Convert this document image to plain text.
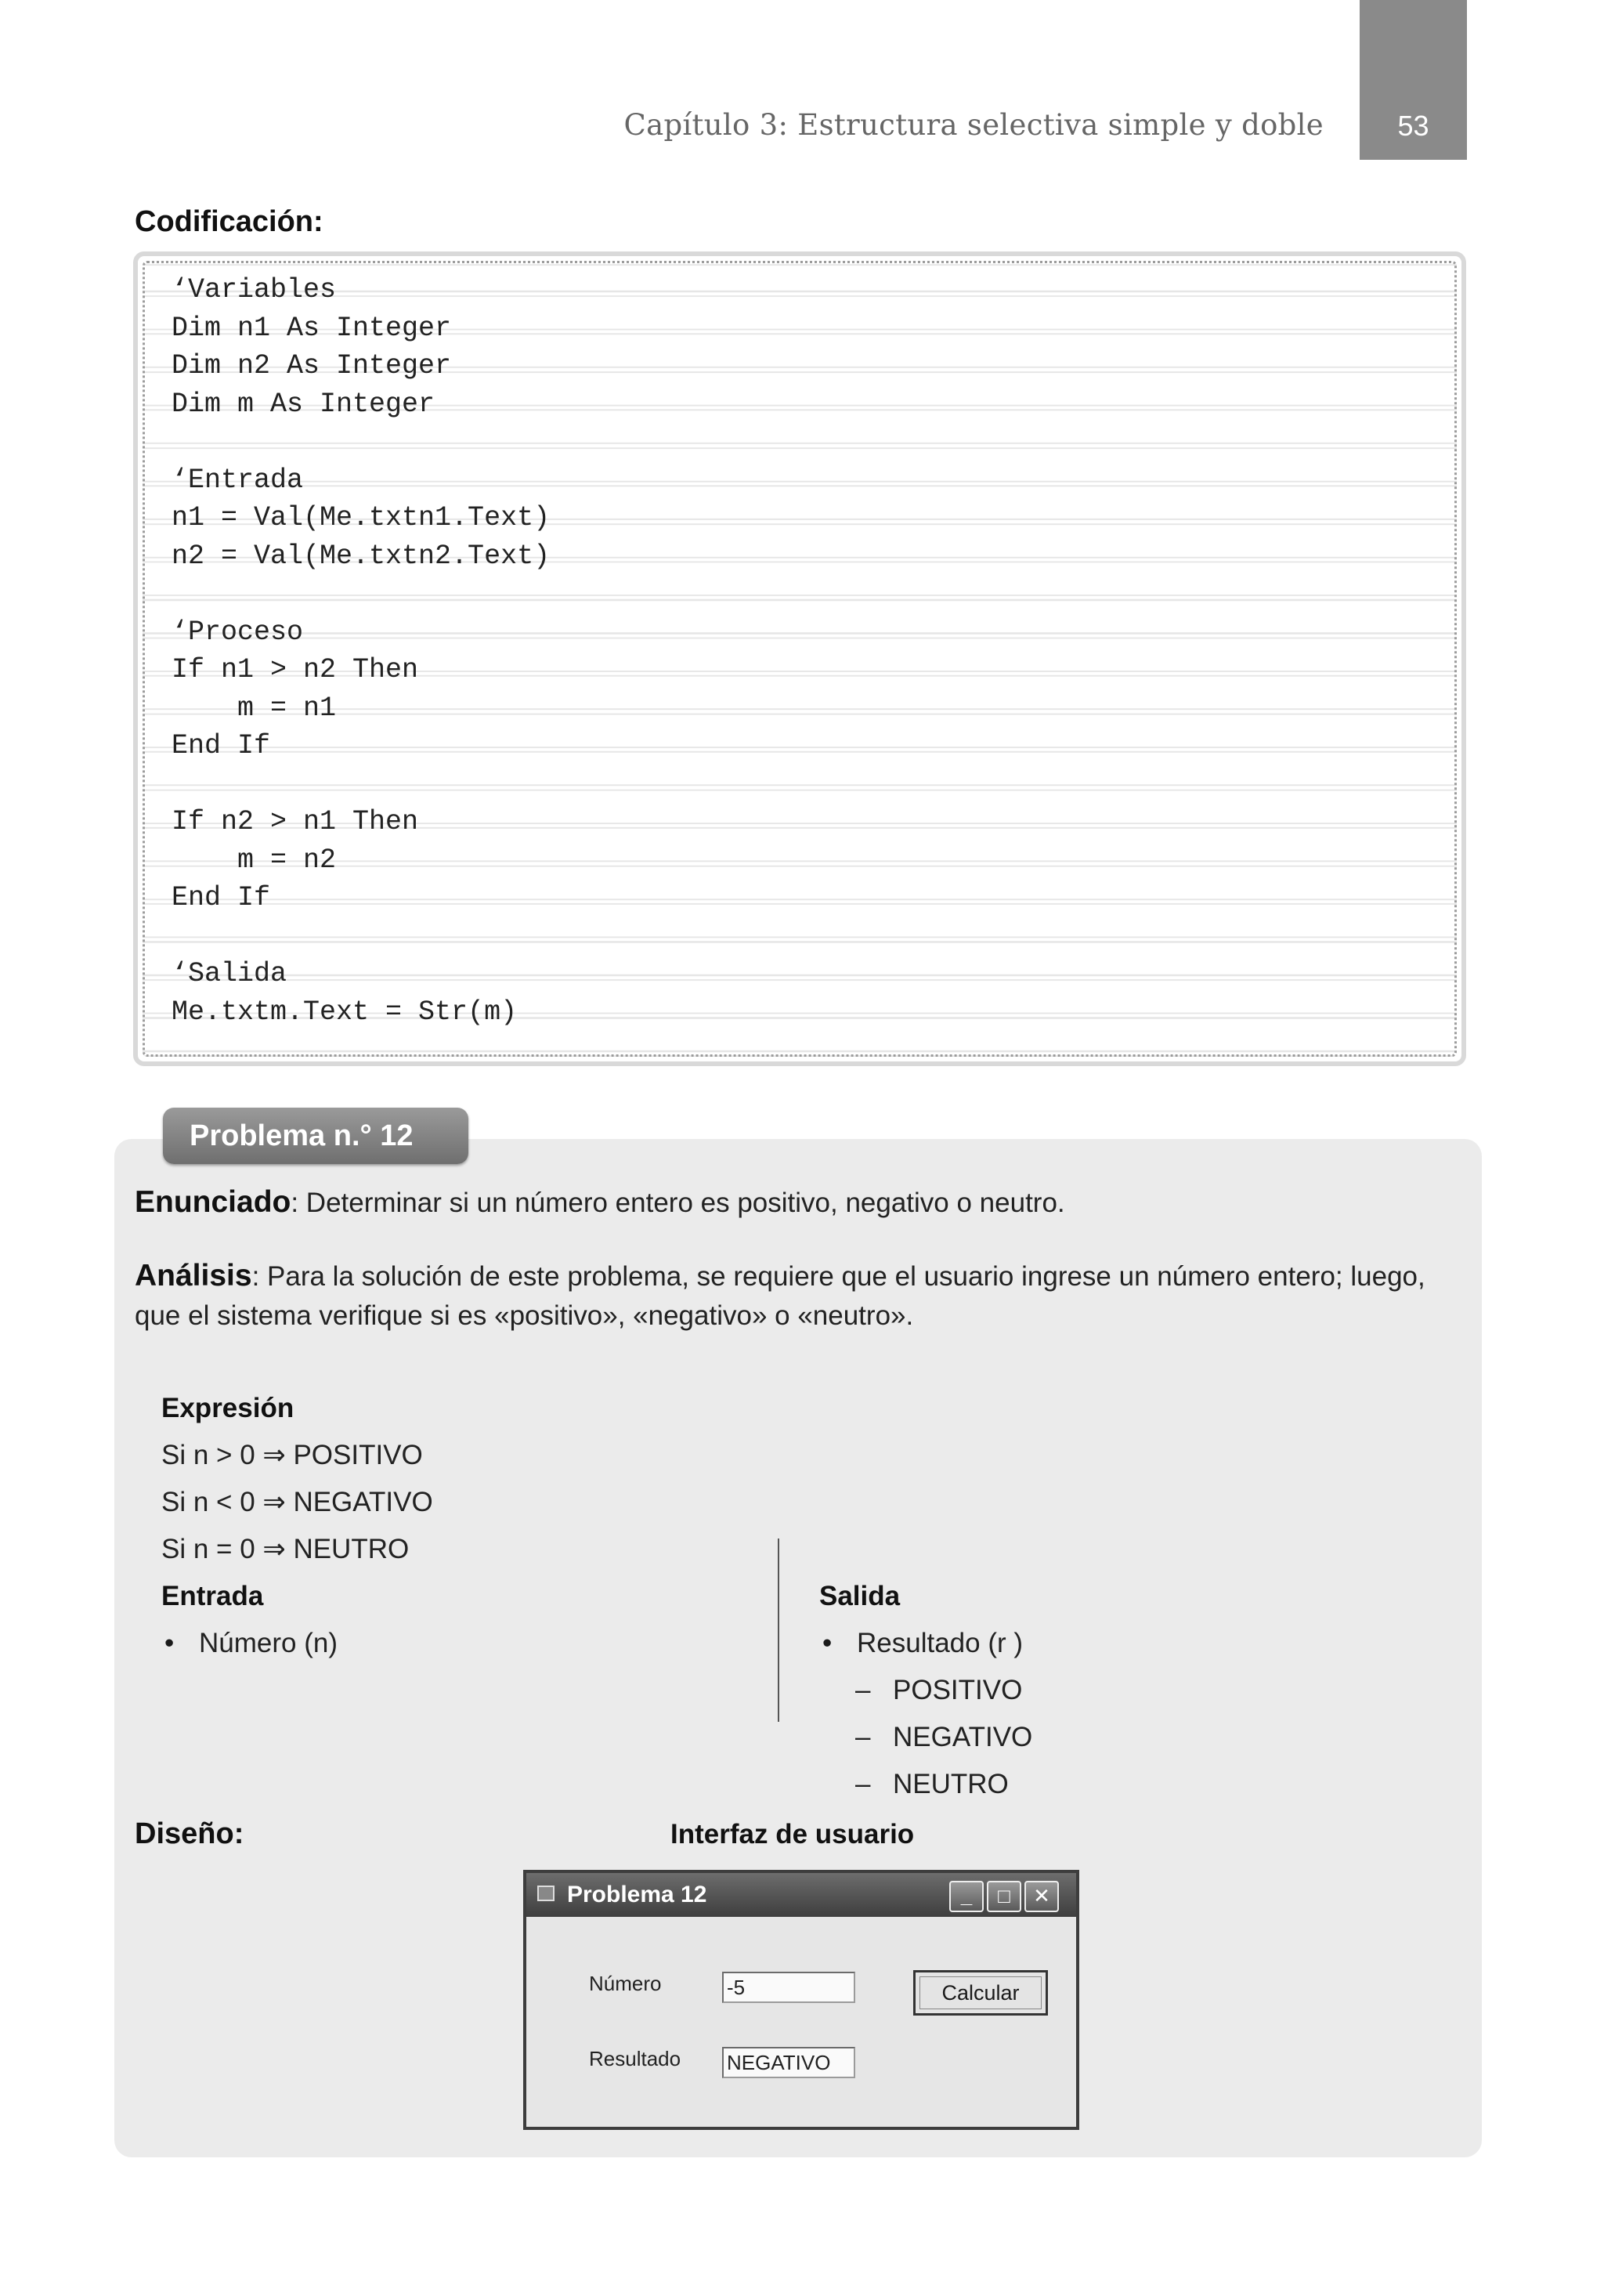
Capítulo 3: Estructura selectiva simple y doble	53
Codificación:
‘Variables
Dim n1 As Integer
Dim n2 As Integer
Dim m As Integer
‘Entrada
n1 = Val(Me.txtn1.Text)
n2 = Val(Me.txtn2.Text)
‘Proceso
If n1 > n2 Then
m = n1
End If
If n2 > n1 Then
m = n2
End If
‘Salida
Me.txtm.Text = Str(m)
Problema n.° 12
Enunciado: Determinar si un número entero es positivo, negativo o neutro.
Análisis: Para la solución de este problema, se requiere que el usuario ingrese un número entero; luego, que el sistema verifique si es «positivo», «negativo» o «neutro».
Expresión
Si n > 0 ⇒ POSITIVO
Si n < 0 ⇒ NEGATIVO
Si n = 0 ⇒ NEUTRO
Entrada
• Número (n)
Salida
• Resultado (r )
– POSITIVO
– NEGATIVO
– NEUTRO
Diseño:	Interfaz de usuario
Problema 12	_	□	✕
Número	-5	Calcular
Resultado NEGATIVO
